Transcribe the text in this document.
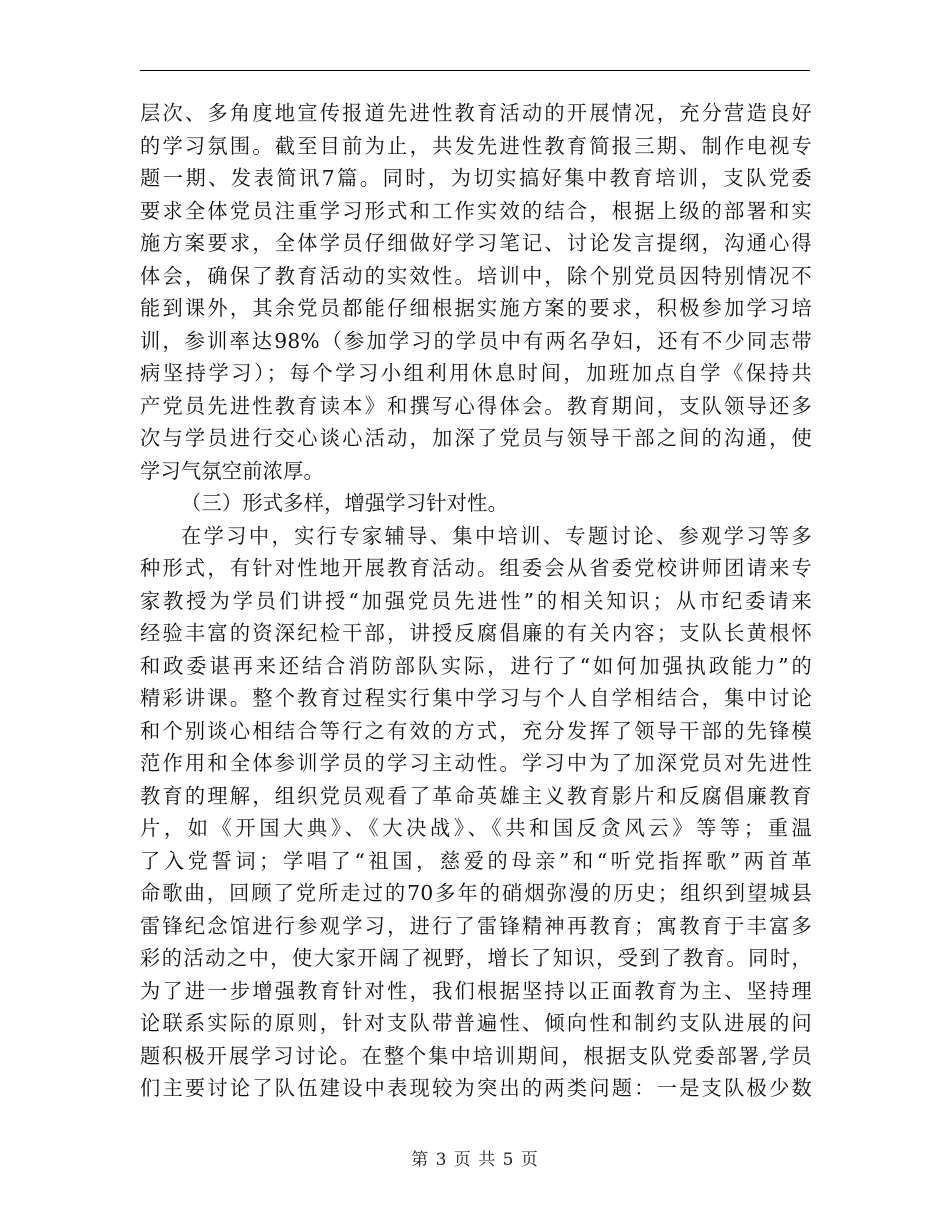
层次、多角度地宣传报道先进性教育活动的开展情况，充分营造良好
的学习氛围。截至目前为止，共发先进性教育简报三期、制作电视专
题一期、发表简讯7篇。同时，为切实搞好集中教育培训，支队党委
要求全体党员注重学习形式和工作实效的结合，根据上级的部署和实
施方案要求，全体学员仔细做好学习笔记、讨论发言提纲，沟通心得
体会，确保了教育活动的实效性。培训中，除个别党员因特别情况不
能到课外，其余党员都能仔细根据实施方案的要求，积极参加学习培
训，参训率达98%（参加学习的学员中有两名孕妇，还有不少同志带
病坚持学习）；每个学习小组利用休息时间，加班加点自学《保持共
产党员先进性教育读本》和撰写心得体会。教育期间，支队领导还多
次与学员进行交心谈心活动，加深了党员与领导干部之间的沟通，使
学习气氛空前浓厚。
（三）形式多样，增强学习针对性。
在学习中，实行专家辅导、集中培训、专题讨论、参观学习等多
种形式，有针对性地开展教育活动。组委会从省委党校讲师团请来专
家教授为学员们讲授“加强党员先进性”的相关知识；从市纪委请来
经验丰富的资深纪检干部，讲授反腐倡廉的有关内容；支队长黄根怀
和政委谌再来还结合消防部队实际，进行了“如何加强执政能力”的
精彩讲课。整个教育过程实行集中学习与个人自学相结合，集中讨论
和个别谈心相结合等行之有效的方式，充分发挥了领导干部的先锋模
范作用和全体参训学员的学习主动性。学习中为了加深党员对先进性
教育的理解，组织党员观看了革命英雄主义教育影片和反腐倡廉教育
片，如《开国大典》、《大决战》、《共和国反贪风云》等等；重温
了入党誓词；学唱了“祖国，慈爱的母亲”和“听党指挥歌”两首革
命歌曲，回顾了党所走过的70多年的硝烟弥漫的历史；组织到望城县
雷锋纪念馆进行参观学习，进行了雷锋精神再教育；寓教育于丰富多
彩的活动之中，使大家开阔了视野，增长了知识，受到了教育。同时，
为了进一步增强教育针对性，我们根据坚持以正面教育为主、坚持理
论联系实际的原则，针对支队带普遍性、倾向性和制约支队进展的问
题积极开展学习讨论。在整个集中培训期间，根据支队党委部署,学员
们主要讨论了队伍建设中表现较为突出的两类问题：一是支队极少数
第 3 页 共 5 页
